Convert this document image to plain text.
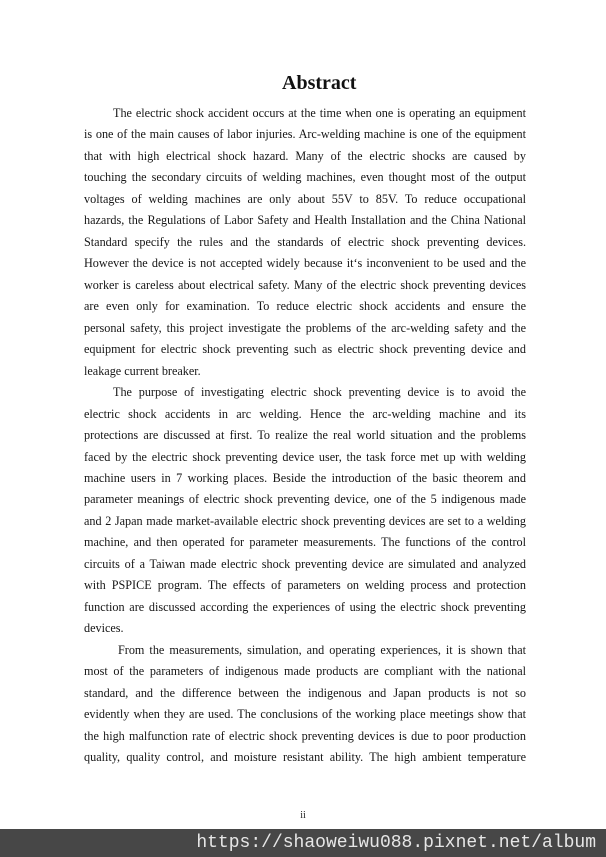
Abstract
The electric shock accident occurs at the time when one is operating an equipment
is one of the main causes of labor injuries. Arc-welding machine is one of the equipment
that with high electrical shock hazard. Many of the electric shocks are caused by
touching the secondary circuits of welding machines, even thought most of the output
voltages of welding machines are only about 55V to 85V. To reduce occupational
hazards, the Regulations of Labor Safety and Health Installation and the China National
Standard specify the rules and the standards of electric shock preventing devices.
However the device is not accepted widely because it‘s inconvenient to be used and the
worker is careless about electrical safety. Many of the electric shock preventing devices
are even only for examination. To reduce electric shock accidents and ensure the
personal safety, this project investigate the problems of the arc-welding safety and the
equipment for electric shock preventing such as electric shock preventing device and
leakage current breaker.
The purpose of investigating electric shock preventing device is to avoid the
electric shock accidents in arc welding. Hence the arc-welding machine and its
protections are discussed at first. To realize the real world situation and the problems
faced by the electric shock preventing device user, the task force met up with welding
machine users in 7 working places. Beside the introduction of the basic theorem and
parameter meanings of electric shock preventing device, one of the 5 indigenous made
and 2 Japan made market-available electric shock preventing devices are set to a welding
machine, and then operated for parameter measurements. The functions of the control
circuits of a Taiwan made electric shock preventing device are simulated and analyzed
with PSPICE program. The effects of parameters on welding process and protection
function are discussed according the experiences of using the electric shock preventing
devices.
From the measurements, simulation, and operating experiences, it is shown that
most of the parameters of indigenous made products are compliant with the national
standard, and the difference between the indigenous and Japan products is not so
evidently when they are used. The conclusions of the working place meetings show that
the high malfunction rate of electric shock preventing devices is due to poor production
quality, quality control, and moisture resistant ability. The high ambient temperature
ii
https://shaoweiwu088.pixnet.net/album
